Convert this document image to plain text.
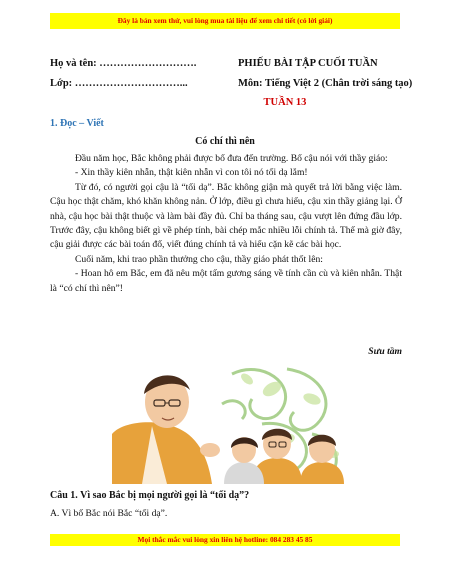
Đây là bản xem thử, vui lòng mua tài liệu để xem chi tiết (có lời giải)
Họ và tên: ……………………….	PHIẾU BÀI TẬP CUỐI TUẦN
Lớp: …………………………...	Môn: Tiếng Việt 2 (Chân trời sáng tạo)
TUẦN 13
1. Đọc – Viết
Có chí thì nên

Đầu năm học, Bắc không phải được bố đưa đến trường. Bố cậu nói với thầy giáo:

- Xin thầy kiên nhẫn, thật kiên nhẫn vì con tôi nó tối dạ lắm!

Từ đó, có người gọi cậu là “tối dạ”. Bắc không giận mà quyết trả lời bằng việc làm. Cậu học thật chăm, khó khăn không nản. Ở lớp, điều gì chưa hiểu, cậu xin thầy giảng lại. Ở nhà, cậu học bài thật thuộc và làm bài đầy đủ. Chỉ ba tháng sau, cậu vượt lên đứng đầu lớp. Trước đây, cậu không biết gì về phép tính, bài chép mắc nhiều lỗi chính tả. Thế mà giờ đây, cậu giải được các bài toán đố, viết đúng chính tả và hiểu cặn kẽ các bài học.

Cuối năm, khi trao phần thưởng cho cậu, thầy giáo phát thốt lên:

- Hoan hô em Bắc, em đã nêu một tấm gương sáng về tính cần cù và kiên nhẫn. Thật là “có chí thì nên”!

Sưu tầm
Câu 1. Vì sao Bắc bị mọi người gọi là “tối dạ”?
A. Vì bố Bắc nói Bắc “tối dạ”.
Mọi thắc mắc vui lòng xin liên hệ hotline: 084 283 45 85
